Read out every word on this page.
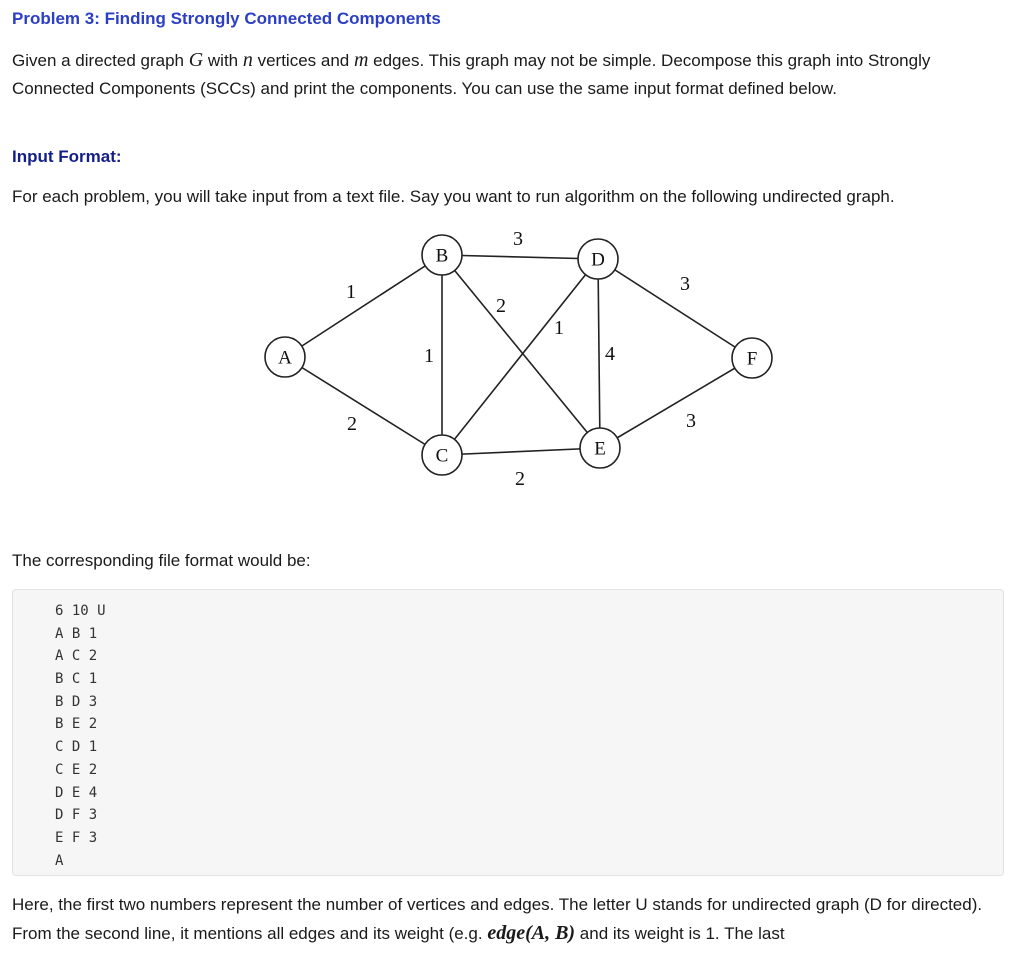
Problem 3: Finding Strongly Connected Components

Given a directed graph G with n vertices and m edges. This graph may not be simple. Decompose this graph into Strongly Connected Components (SCCs) and print the components. You can use the same input format defined below.

Input Format:

For each problem, you will take input from a text file. Say you want to run algorithm on the following undirected graph.

1
2
1
3
2
1
2
4
3
3
A
B
C
D
E
F

The corresponding file format would be:

6 10 U
A B 1
A C 2
B C 1
B D 3
B E 2
C D 1
C E 2
D E 4
D F 3
E F 3
A

Here, the first two numbers represent the number of vertices and edges. The letter U stands for undirected graph (D for directed). From the second line, it mentions all edges and its weight (e.g. edge(A, B) and its weight is 1. The last
